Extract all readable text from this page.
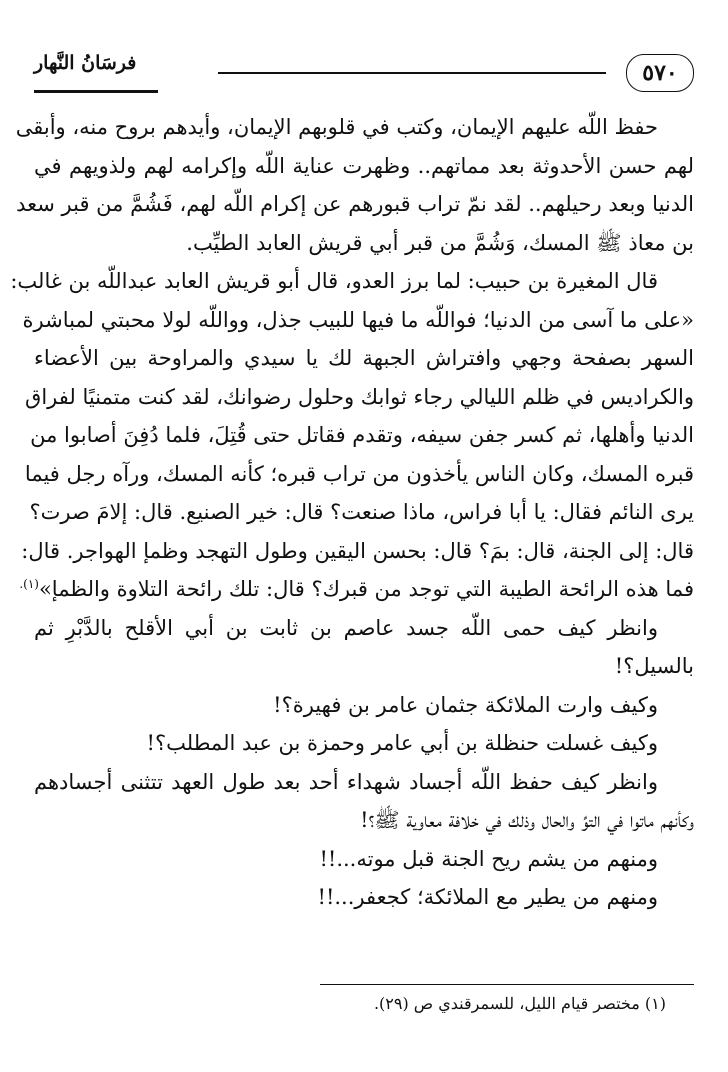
٥٧٠
فرسَانُ النَّهار
حفظ اللّه عليهم الإيمان، وكتب في قلوبهم الإيمان، وأيدهم بروح منه، وأبقى
لهم حسن الأحدوثة بعد مماتهم.. وظهرت عناية اللّه وإكرامه لهم ولذويهم في
الدنيا وبعد رحيلهم.. لقد نمّ تراب قبورهم عن إكرام اللّه لهم، فَشُمَّ من قبر سعد
بن معاذ ﷺ المسك، وَشُمَّ من قبر أبي قريش العابد الطيِّب.
قال المغيرة بن حبيب: لما برز العدو، قال أبو قريش العابد عبداللّه بن غالب:
«على ما آسى من الدنيا؛ فواللّه ما فيها للبيب جذل، وواللّه لولا محبتي لمباشرة
السهر بصفحة وجهي وافتراش الجبهة لك يا سيدي والمراوحة بين الأعضاء
والكراديس في ظلم الليالي رجاء ثوابك وحلول رضوانك، لقد كنت متمنيًا لفراق
الدنيا وأهلها، ثم كسر جفن سيفه، وتقدم فقاتل حتى قُتِلَ، فلما دُفِنَ أصابوا من
قبره المسك، وكان الناس يأخذون من تراب قبره؛ كأنه المسك، ورآه رجل فيما
يرى النائم فقال: يا أبا فراس، ماذا صنعت؟ قال: خير الصنيع. قال: إلامَ صرت؟
قال: إلى الجنة، قال: بمَ؟ قال: بحسن اليقين وطول التهجد وظمإ الهواجر. قال:
فما هذه الرائحة الطيبة التي توجد من قبرك؟ قال: تلك رائحة التلاوة والظمإ»$^{(١).}$
وانظر كيف حمى اللّه جسد عاصم بن ثابت بن أبي الأقلح بالدَّبْرِ ثم
بالسيل؟!
وكيف وارت الملائكة جثمان عامر بن فهيرة؟!
وكيف غسلت حنظلة بن أبي عامر وحمزة بن عبد المطلب؟!
وانظر كيف حفظ اللّه أجساد شهداء أحد بعد طول العهد تتثنى أجسادهم
وكأنهم ماتوا في التوِّ والحال وذلك في خلافة معاوية ﷺ؟!
ومنهم من يشم ريح الجنة قبل موته...!!
ومنهم من يطير مع الملائكة؛ كجعفر...!!
(١) مختصر قيام الليل، للسمرقندي ص (٢٩).
